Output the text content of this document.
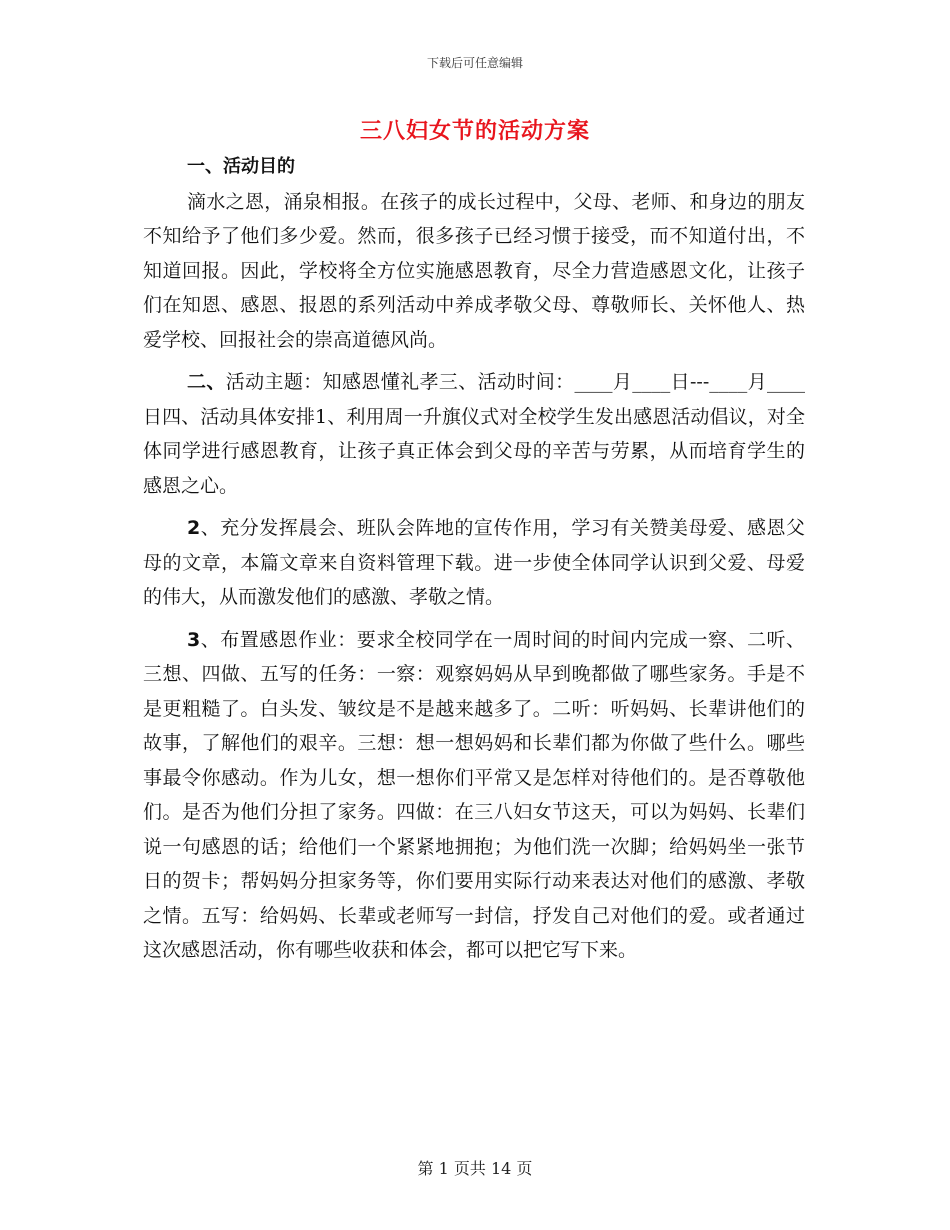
下载后可任意编辑
三八妇女节的活动方案

一、活动目的

滴水之恩，涌泉相报。在孩子的成长过程中，父母、老师、和身边的朋友不知给予了他们多少爱。然而，很多孩子已经习惯于接受，而不知道付出，不知道回报。因此，学校将全方位实施感恩教育，尽全力营造感恩文化，让孩子们在知恩、感恩、报恩的系列活动中养成孝敬父母、尊敬师长、关怀他人、热爱学校、回报社会的崇高道德风尚。

二、活动主题：知感恩懂礼孝三、活动时间：____月____日---____月____日四、活动具体安排1、利用周一升旗仪式对全校学生发出感恩活动倡议，对全体同学进行感恩教育，让孩子真正体会到父母的辛苦与劳累，从而培育学生的感恩之心。

2、充分发挥晨会、班队会阵地的宣传作用，学习有关赞美母爱、感恩父母的文章，本篇文章来自资料管理下载。进一步使全体同学认识到父爱、母爱的伟大，从而激发他们的感激、孝敬之情。

3、布置感恩作业：要求全校同学在一周时间的时间内完成一察、二听、三想、四做、五写的任务：一察：观察妈妈从早到晚都做了哪些家务。手是不是更粗糙了。白头发、皱纹是不是越来越多了。二听：听妈妈、长辈讲他们的故事，了解他们的艰辛。三想：想一想妈妈和长辈们都为你做了些什么。哪些事最令你感动。作为儿女，想一想你们平常又是怎样对待他们的。是否尊敬他们。是否为他们分担了家务。四做：在三八妇女节这天，可以为妈妈、长辈们说一句感恩的话；给他们一个紧紧地拥抱；为他们洗一次脚；给妈妈坐一张节日的贺卡；帮妈妈分担家务等，你们要用实际行动来表达对他们的感激、孝敬之情。五写：给妈妈、长辈或老师写一封信，抒发自己对他们的爱。或者通过这次感恩活动，你有哪些收获和体会，都可以把它写下来。

第 1 页共 14 页
